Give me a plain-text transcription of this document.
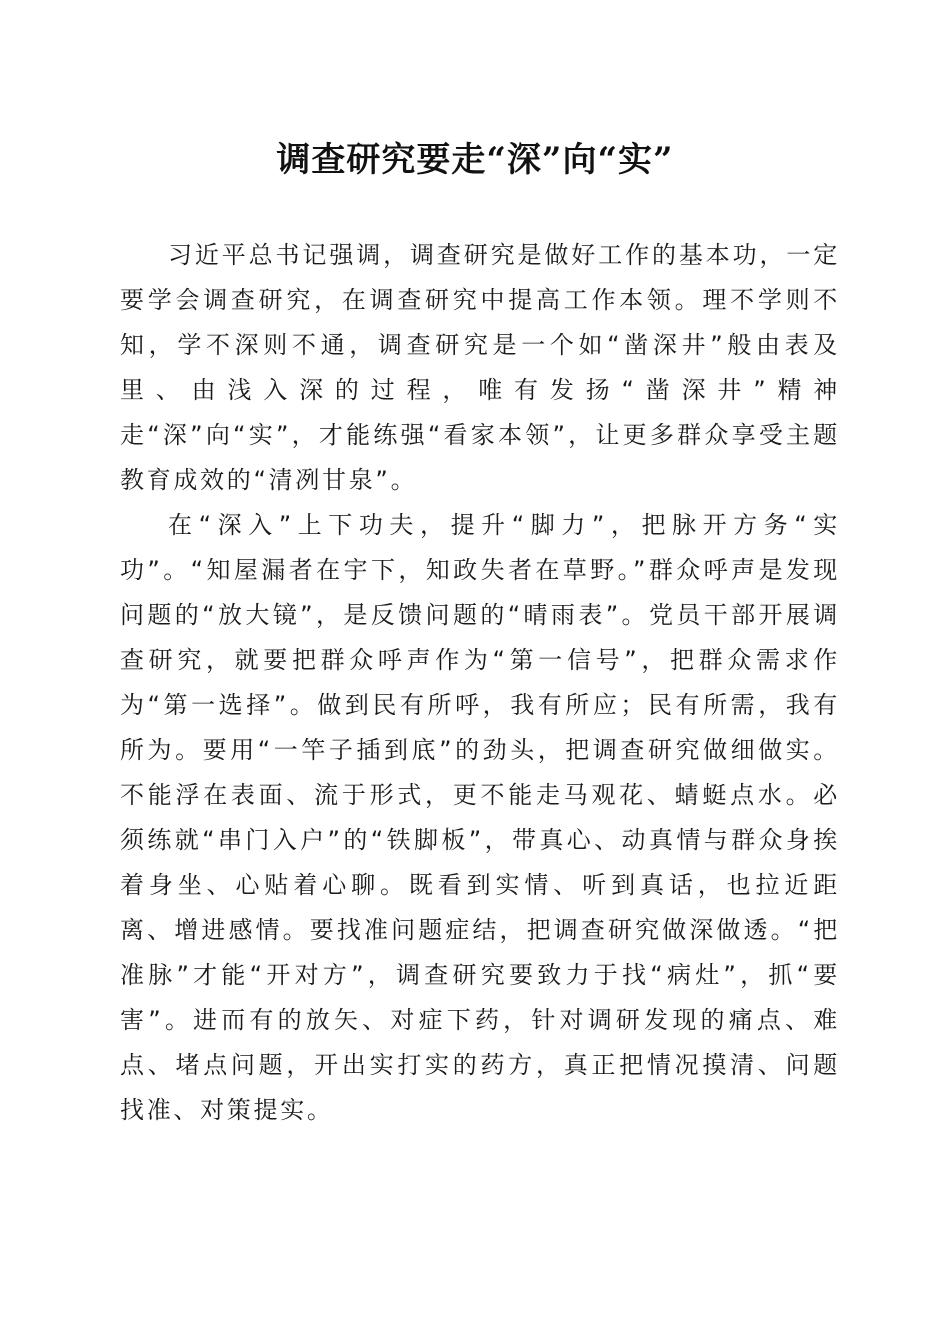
调查研究要走“深”向“实”

习近平总书记强调，调查研究是做好工作的基本功，一定要学会调查研究，在调查研究中提高工作本领。理不学则不知，学不深则不通，调查研究是一个如“凿深井”般由表及里、由浅入深的过程，唯有发扬“凿深井”精神走“深”向“实”，才能练强“看家本领”，让更多群众享受主题教育成效的“清冽甘泉”。

在“深入”上下功夫，提升“脚力”，把脉开方务“实功”。“知屋漏者在宇下，知政失者在草野。”群众呼声是发现问题的“放大镜”，是反馈问题的“晴雨表”。党员干部开展调查研究，就要把群众呼声作为“第一信号”，把群众需求作为“第一选择”。做到民有所呼，我有所应；民有所需，我有所为。要用“一竿子插到底”的劲头，把调查研究做细做实。不能浮在表面、流于形式，更不能走马观花、蜻蜓点水。必须练就“串门入户”的“铁脚板”，带真心、动真情与群众身挨着身坐、心贴着心聊。既看到实情、听到真话，也拉近距离、增进感情。要找准问题症结，把调查研究做深做透。“把准脉”才能“开对方”，调查研究要致力于找“病灶”，抓“要害”。进而有的放矢、对症下药，针对调研发现的痛点、难点、堵点问题，开出实打实的药方，真正把情况摸清、问题找准、对策提实。
